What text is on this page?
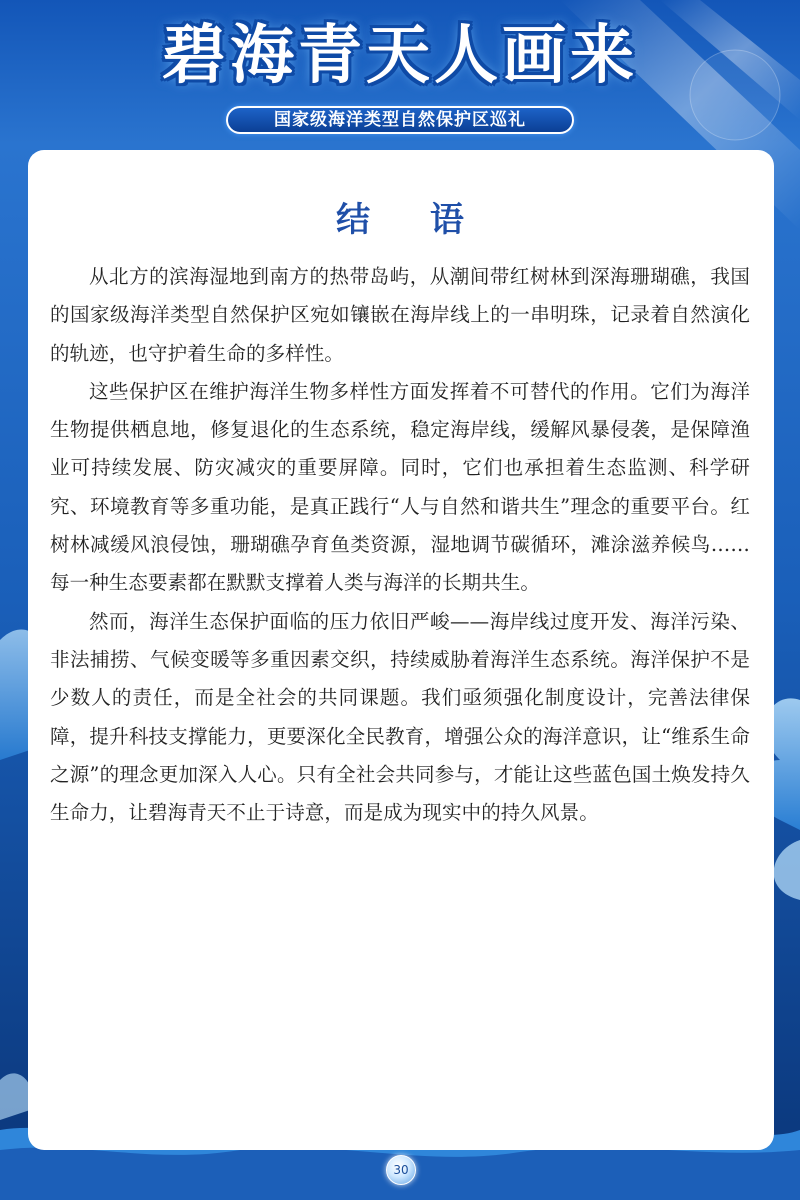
碧海青天人画来
国家级海洋类型自然保护区巡礼
结 语

从北方的滨海湿地到南方的热带岛屿，从潮间带红树林到深海珊瑚礁，我国的国家级海洋类型自然保护区宛如镶嵌在海岸线上的一串明珠，记录着自然演化的轨迹，也守护着生命的多样性。

这些保护区在维护海洋生物多样性方面发挥着不可替代的作用。它们为海洋生物提供栖息地，修复退化的生态系统，稳定海岸线，缓解风暴侵袭，是保障渔业可持续发展、防灾减灾的重要屏障。同时，它们也承担着生态监测、科学研究、环境教育等多重功能，是真正践行“人与自然和谐共生”理念的重要平台。红树林减缓风浪侵蚀，珊瑚礁孕育鱼类资源，湿地调节碳循环，滩涂滋养候鸟……每一种生态要素都在默默支撑着人类与海洋的长期共生。

然而，海洋生态保护面临的压力依旧严峻——海岸线过度开发、海洋污染、非法捕捞、气候变暖等多重因素交织，持续威胁着海洋生态系统。海洋保护不是少数人的责任，而是全社会的共同课题。我们亟须强化制度设计，完善法律保障，提升科技支撑能力，更要深化全民教育，增强公众的海洋意识，让“维系生命之源”的理念更加深入人心。只有全社会共同参与，才能让这些蓝色国土焕发持久生命力，让碧海青天不止于诗意，而是成为现实中的持久风景。

30
